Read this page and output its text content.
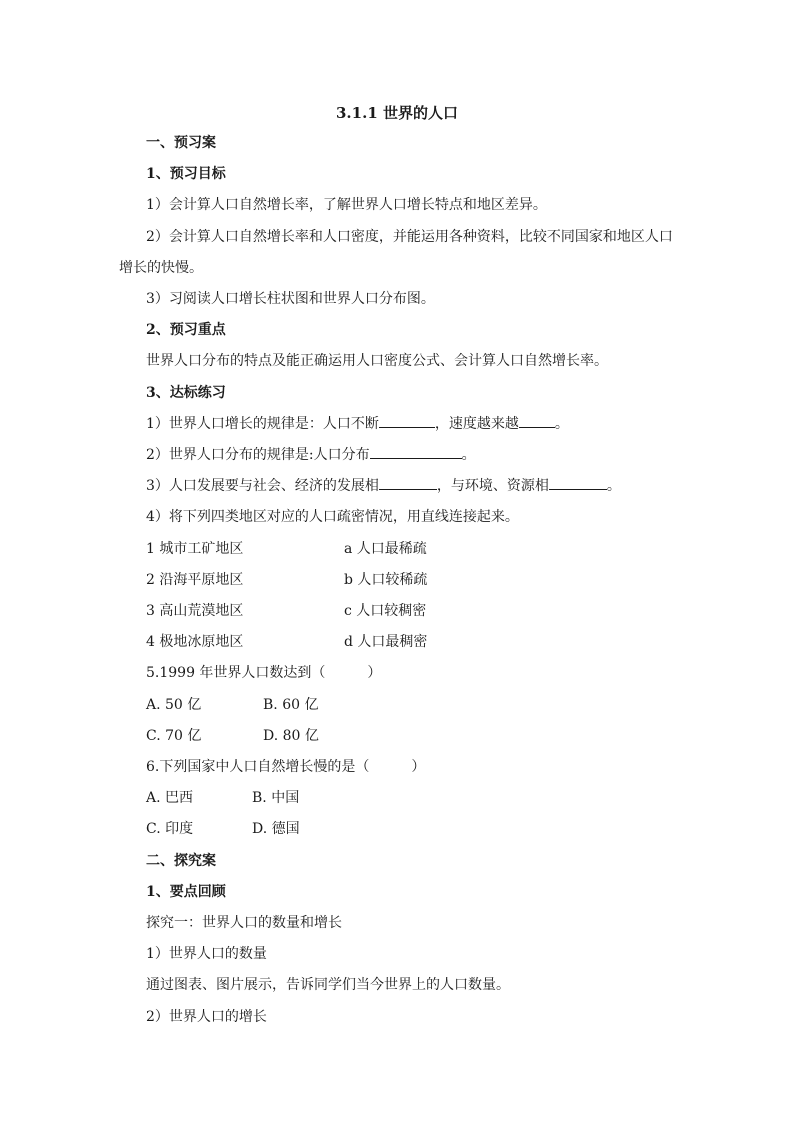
3.1.1 世界的人口
一、预习案
1、预习目标
1）会计算人口自然增长率，了解世界人口增长特点和地区差异。
2）会计算人口自然增长率和人口密度，并能运用各种资料，比较不同国家和地区人口
增长的快慢。
3）习阅读人口增长柱状图和世界人口分布图。
2、预习重点
世界人口分布的特点及能正确运用人口密度公式、会计算人口自然增长率。
3、达标练习
1）世界人口增长的规律是：人口不断	，速度越来越	。
2）世界人口分布的规律是:人口分布	。
3）人口发展要与社会、经济的发展相	，与环境、资源相	。
4）将下列四类地区对应的人口疏密情况，用直线连接起来。
1 城市工矿地区	a 人口最稀疏
2 沿海平原地区	b 人口较稀疏
3 高山荒漠地区	c 人口较稠密
4 极地冰原地区	d 人口最稠密
5.1999 年世界人口数达到（　　　）
A. 50 亿	B. 60 亿
C. 70 亿	D. 80 亿
6.下列国家中人口自然增长慢的是（　　　）
A. 巴西	B. 中国
C. 印度	D. 德国
二、探究案
1、要点回顾
探究一：世界人口的数量和增长
1）世界人口的数量
通过图表、图片展示，告诉同学们当今世界上的人口数量。
2）世界人口的增长
